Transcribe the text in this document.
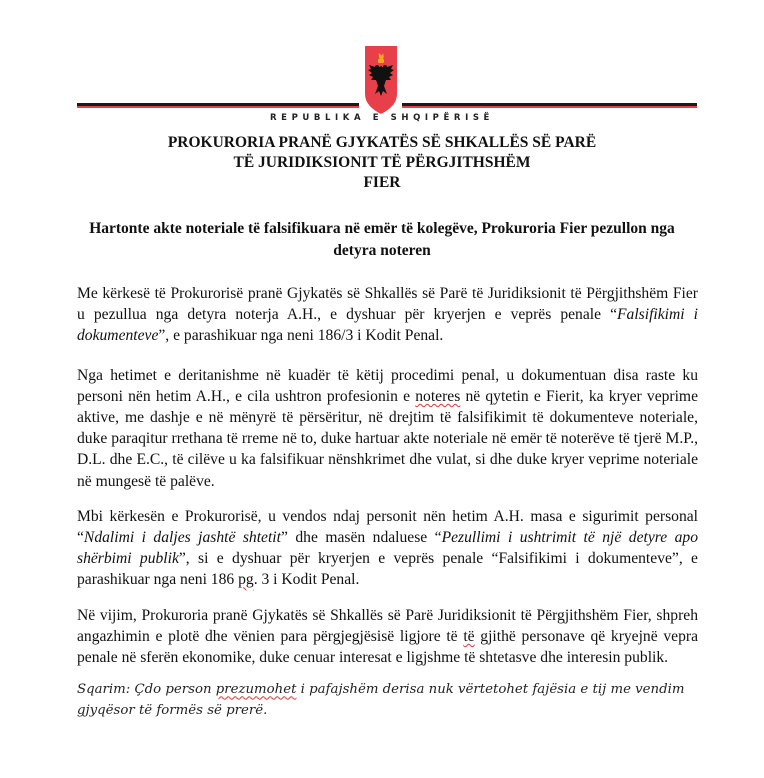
REPUBLIKA E SHQIPËRISË
PROKURORIA PRANË GJYKATËS SË SHKALLËS SË PARË
TË JURIDIKSIONIT TË PËRGJITHSHËM
FIER
Hartonte akte noteriale të falsifikuara në emër të kolegëve, Prokuroria Fier pezullon nga detyra noteren

Me kërkesë të Prokurorisë pranë Gjykatës së Shkallës së Parë të Juridiksionit të Përgjithshëm Fier u pezullua nga detyra noterja A.H., e dyshuar për kryerjen e veprës penale “Falsifikimi i dokumenteve”, e parashikuar nga neni 186/3 i Kodit Penal.

Nga hetimet e deritanishme në kuadër të këtij procedimi penal, u dokumentuan disa raste ku personi nën hetim A.H., e cila ushtron profesionin e noteres në qytetin e Fierit, ka kryer veprime aktive, me dashje e në mënyrë të përsëritur, në drejtim të falsifikimit të dokumenteve noteriale, duke paraqitur rrethana të rreme në to, duke hartuar akte noteriale në emër të noterëve të tjerë M.P., D.L. dhe E.C., të cilëve u ka falsifikuar nënshkrimet dhe vulat, si dhe duke kryer veprime noteriale në mungesë të palëve.

Mbi kërkesën e Prokurorisë, u vendos ndaj personit nën hetim A.H. masa e sigurimit personal “Ndalimi i daljes jashtë shtetit” dhe masën ndaluese “Pezullimi i ushtrimit të një detyre apo shërbimi publik”, si e dyshuar për kryerjen e veprës penale “Falsifikimi i dokumenteve”, e parashikuar nga neni 186 pg. 3 i Kodit Penal.

Në vijim, Prokuroria pranë Gjykatës së Shkallës së Parë Juridiksionit të Përgjithshëm Fier, shpreh angazhimin e plotë dhe vënien para përgjegjësisë ligjore të të gjithë personave që kryejnë vepra penale në sferën ekonomike, duke cenuar interesat e ligjshme të shtetasve dhe interesin publik.

Sqarim: Çdo person prezumohet i pafajshëm derisa nuk vërtetohet fajësia e tij me vendim gjyqësor të formës së prerë.
